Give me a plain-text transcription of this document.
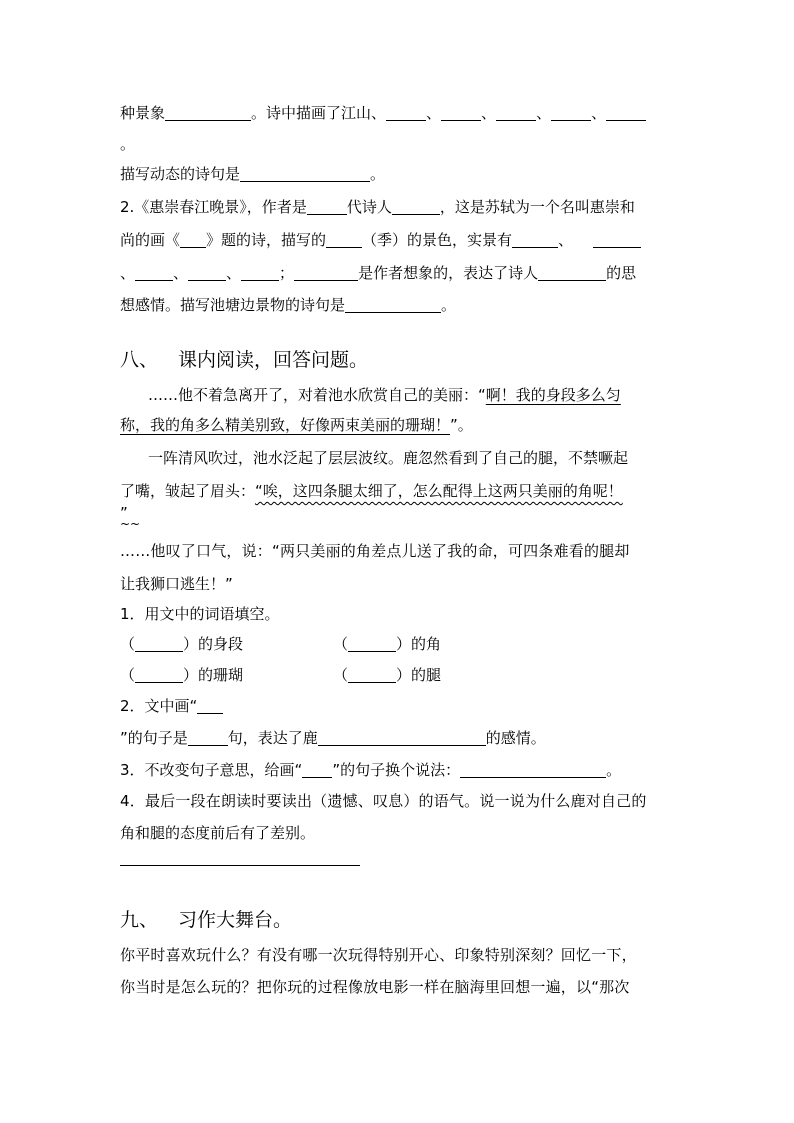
种景象	。诗中描画了江山、	、	、	、	、
。
描写动态的诗句是	。
2.《惠崇春江晚景》，作者是	代诗人	，这是苏轼为一个名叫惠崇和
尚的画《 》题的诗，描写的 （季）的景色，实景有	、
、	、	、	；	是作者想象的，表达了诗人	的思
想感情。描写池塘边景物的诗句是	。
八、 课内阅读，回答问题。
……他不着急离开了，对着池水欣赏自己的美丽：“啊！我的身段多么匀
称，我的角多么精美别致，好像两束美丽的珊瑚！”。
一阵清风吹过，池水泛起了层层波纹。鹿忽然看到了自己的腿，不禁噘起
了嘴，皱起了眉头：“唉，这四条腿太细了，怎么配得上这两只美丽的角呢！
”
~~
……他叹了口气，说：“两只美丽的角差点儿送了我的命，可四条难看的腿却
让我狮口逃生！”
1．用文中的词语填空。
（	）的身段	（	）的角
（	）的珊瑚	（	）的腿
2．文中画“
”的句子是	句，表达了鹿	的感情。
3．不改变句子意思，给画“ ”的句子换个说法：	。
4．最后一段在朗读时要读出（遗憾、叹息）的语气。说一说为什么鹿对自己的
角和腿的态度前后有了差别。
九、 习作大舞台。
你平时喜欢玩什么？有没有哪一次玩得特别开心、印象特别深刻？回忆一下，
你当时是怎么玩的？把你玩的过程像放电影一样在脑海里回想一遍，以“那次
